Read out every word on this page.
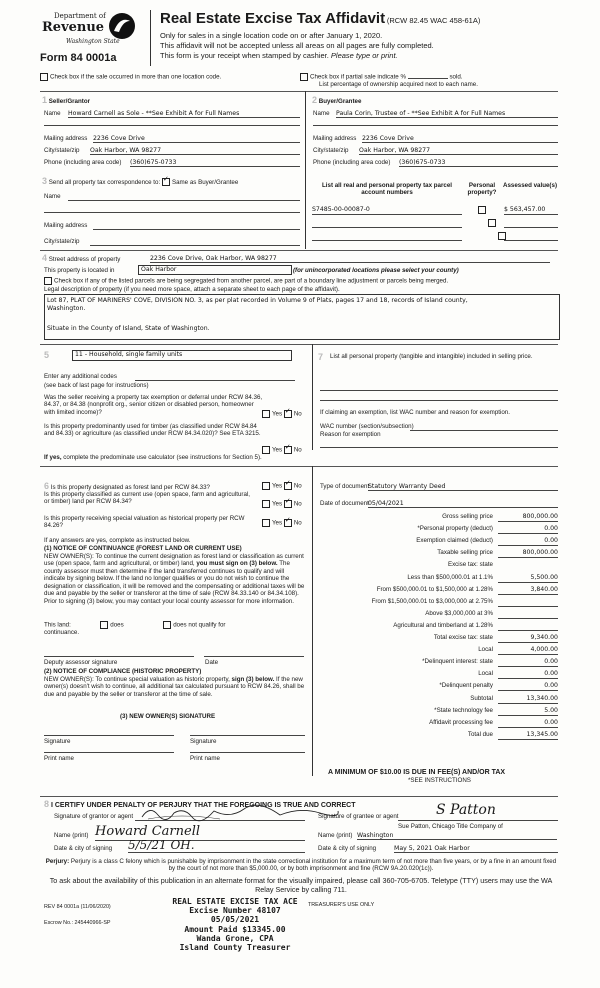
Department of
Revenue
Washington State
Form 84 0001a
Real Estate Excise Tax Affidavit (RCW 82.45 WAC 458-61A)
Only for sales in a single location code on or after January 1, 2020.
This affidavit will not be accepted unless all areas on all pages are fully completed.
This form is your receipt when stamped by cashier. Please type or print.
Check box if the sale occurred in more than one location code.	Check box if partial sale indicate %	sold.
List percentage of ownership acquired next to each name.
1 Seller/Grantor
Name Howard Carnell as Sole - **See Exhibit A for Full Names
Mailing address 2236 Cove Drive
City/state/zip Oak Harbor, WA 98277
Phone (including area code) (360)675-0733
2 Buyer/Grantee
Name Paula Corin, Trustee of - **See Exhibit A for Full Names
Mailing address 2236 Cove Drive
City/state/zip Oak Harbor, WA 98277
Phone (including area code) (360)675-0733
3 Send all property tax correspondence to: ✓ Same as Buyer/Grantee
Name
Mailing address
City/state/zip
List all real and personal property tax parcel account numbers
Personal property?
Assessed value(s)
S7485-00-00087-0	$ 563,457.00
4 Street address of property	2236 Cove Drive, Oak Harbor, WA 98277
This property is located in	Oak Harbor	(for unincorporated locations please select your county)
Check box if any of the listed parcels are being segregated from another parcel, are part of a boundary line adjustment or parcels being merged.
Legal description of property (if you need more space, attach a separate sheet to each page of the affidavit).
Lot 87, PLAT OF MARINERS' COVE, DIVISION NO. 3, as per plat recorded in Volume 9 of Plats, pages 17 and 18, records of Island county,
Washington.
Situate in the County of Island, State of Washington.
5	11 - Household, single family units
Enter any additional codes
(see back of last page for instructions)
Was the seller receiving a property tax exemption or deferral under RCW 84.36, 84.37, or 84.38 (nonprofit org., senior citizen or disabled person, homeowner with limited income)?	Yes ✓ No
Is this property predominantly used for timber (as classified under RCW 84.84 and 84.33) or agriculture (as classified under RCW 84.34.020)? See ETA 3215.
Yes ✓ No
If yes, complete the predominate use calculator (see instructions for Section 5).
7 List all personal property (tangible and intangible) included in selling price.
If claiming an exemption, list WAC number and reason for exemption.
WAC number (section/subsection)
Reason for exemption
6 Is this property designated as forest land per RCW 84.33?	Yes ✓ No
Is this property classified as current use (open space, farm and agricultural, or timber) land per RCW 84.34?	Yes ✓ No
Is this property receiving special valuation as historical property per RCW 84.26?	Yes ✓ No
If any answers are yes, complete as instructed below.
(1) NOTICE OF CONTINUANCE (FOREST LAND OR CURRENT USE)
NEW OWNER(S): To continue the current designation as forest land or classification as current use (open space, farm and agricultural, or timber) land, you must sign on (3) below. The county assessor must then determine if the land transferred continues to qualify and will indicate by signing below. If the land no longer qualifies or you do not wish to continue the designation or classification, it will be removed and the compensating or additional taxes will be due and payable by the seller or transferor at the time of sale (RCW 84.33.140 or 84.34.108). Prior to signing (3) below, you may contact your local county assessor for more information.
This land:	does	does not qualify for
continuance.
Deputy assessor signature	Date
(2) NOTICE OF COMPLIANCE (HISTORIC PROPERTY)
NEW OWNER(S): To continue special valuation as historic property, sign (3) below. If the new owner(s) doesn't wish to continue, all additional tax calculated pursuant to RCW 84.26, shall be due and payable by the seller or transferor at the time of sale.
(3) NEW OWNER(S) SIGNATURE
Signature	Signature
Print name	Print name
Type of document
Statutory Warranty Deed
Date of document 05/04/2021
Gross selling price	800,000.00
*Personal property (deduct)	0.00
Exemption claimed (deduct)	0.00
Taxable selling price	800,000.00
Excise tax: state
Less than $500,000.01 at 1.1%	5,500.00
From $500,000.01 to $1,500,000 at 1.28%	3,840.00
From $1,500,000.01 to $3,000,000 at 2.75%
Above $3,000,000 at 3%
Agricultural and timberland at 1.28%
Total excise tax: state	9,340.00
Local	4,000.00
*Delinquent interest: state	0.00
Local	0.00
*Delinquent penalty	0.00
Subtotal	13,340.00
*State technology fee	5.00
Affidavit processing fee	0.00
Total due	13,345.00
A MINIMUM OF $10.00 IS DUE IN FEE(S) AND/OR TAX
*SEE INSTRUCTIONS
8 I CERTIFY UNDER PENALTY OF PERJURY THAT THE FOREGOING IS TRUE AND CORRECT
Signature of grantor or agent	Signature of grantee or agent	S Patton
Sue Patton, Chicago Title Company of
Name (print) Howard Carnell	Name (print) Washington
Date & city of signing 5/5/21 OH.	Date & city of signing	May 5, 2021 Oak Harbor
Perjury: Perjury is a class C felony which is punishable by imprisonment in the state correctional institution for a maximum term of not more than five years, or by a fine in an amount fixed by the court of not more than $5,000.00, or by both imprisonment and fine (RCW 9A.20.020(1c)).
To ask about the availability of this publication in an alternate format for the visually impaired, please call 360-705-6705. Teletype (TTY) users may use the WA Relay Service by calling 711.
REV 84 0001a (11/06/2020)
Escrow No.: 245440966-SP
TREASURER'S USE ONLY
REAL ESTATE EXCISE TAX ACE
Excise Number 48107
05/05/2021
Amount Paid $13345.00
Wanda Grone, CPA
Island County Treasurer
